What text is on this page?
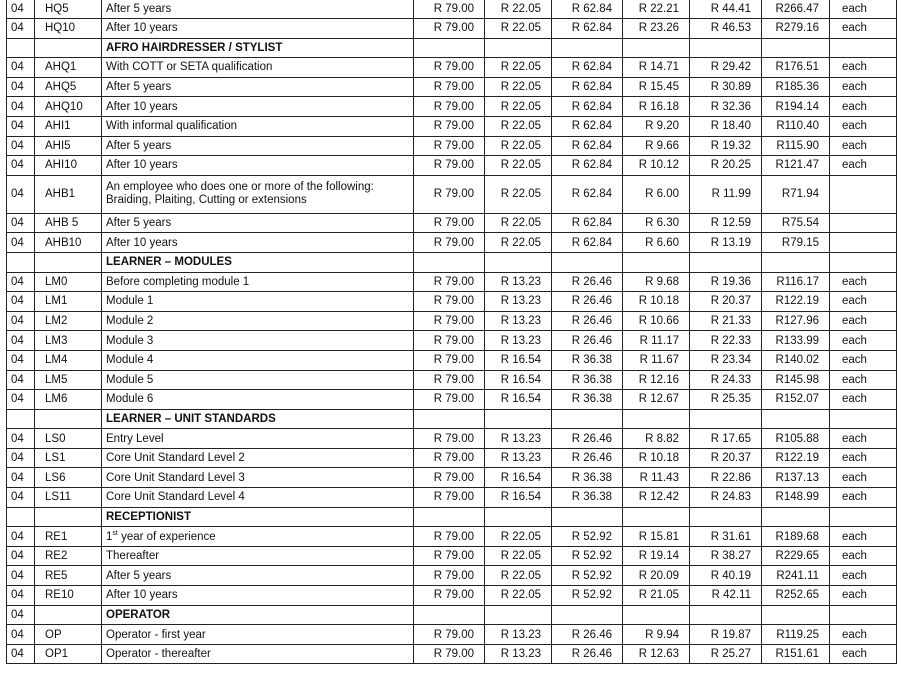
04	HQ5	After 5 years	R 79.00	R 22.05	R 62.84	R 22.21	R 44.41	R266.47	each
04	HQ10	After 10 years	R 79.00	R 22.05	R 62.84	R 23.26	R 46.53	R279.16	each
		AFRO HAIRDRESSER / STYLIST							
04	AHQ1	With COTT or SETA qualification	R 79.00	R 22.05	R 62.84	R 14.71	R 29.42	R176.51	each
04	AHQ5	After 5 years	R 79.00	R 22.05	R 62.84	R 15.45	R 30.89	R185.36	each
04	AHQ10	After 10 years	R 79.00	R 22.05	R 62.84	R 16.18	R 32.36	R194.14	each
04	AHI1	With informal qualification	R 79.00	R 22.05	R 62.84	R 9.20	R 18.40	R110.40	each
04	AHI5	After 5 years	R 79.00	R 22.05	R 62.84	R 9.66	R 19.32	R115.90	each
04	AHI10	After 10 years	R 79.00	R 22.05	R 62.84	R 10.12	R 20.25	R121.47	each
04	AHB1	An employee who does one or more of the following: Braiding, Plaiting, Cutting or extensions	R 79.00	R 22.05	R 62.84	R 6.00	R 11.99	R71.94	
04	AHB 5	After 5 years	R 79.00	R 22.05	R 62.84	R 6.30	R 12.59	R75.54	
04	AHB10	After 10 years	R 79.00	R 22.05	R 62.84	R 6.60	R 13.19	R79.15	
		LEARNER – MODULES							
04	LM0	Before completing module 1	R 79.00	R 13.23	R 26.46	R 9.68	R 19.36	R116.17	each
04	LM1	Module 1	R 79.00	R 13.23	R 26.46	R 10.18	R 20.37	R122.19	each
04	LM2	Module 2	R 79.00	R 13.23	R 26.46	R 10.66	R 21.33	R127.96	each
04	LM3	Module 3	R 79.00	R 13.23	R 26.46	R 11.17	R 22.33	R133.99	each
04	LM4	Module 4	R 79.00	R 16.54	R 36.38	R 11.67	R 23.34	R140.02	each
04	LM5	Module 5	R 79.00	R 16.54	R 36.38	R 12.16	R 24.33	R145.98	each
04	LM6	Module 6	R 79.00	R 16.54	R 36.38	R 12.67	R 25.35	R152.07	each
		LEARNER – UNIT STANDARDS							
04	LS0	Entry Level	R 79.00	R 13.23	R 26.46	R 8.82	R 17.65	R105.88	each
04	LS1	Core Unit Standard Level 2	R 79.00	R 13.23	R 26.46	R 10.18	R 20.37	R122.19	each
04	LS6	Core Unit Standard Level 3	R 79.00	R 16.54	R 36.38	R 11.43	R 22.86	R137.13	each
04	LS11	Core Unit Standard Level 4	R 79.00	R 16.54	R 36.38	R 12.42	R 24.83	R148.99	each
		RECEPTIONIST							
04	RE1	1st year of experience	R 79.00	R 22.05	R 52.92	R 15.81	R 31.61	R189.68	each
04	RE2	Thereafter	R 79.00	R 22.05	R 52.92	R 19.14	R 38.27	R229.65	each
04	RE5	After 5 years	R 79.00	R 22.05	R 52.92	R 20.09	R 40.19	R241.11	each
04	RE10	After 10 years	R 79.00	R 22.05	R 52.92	R 21.05	R 42.11	R252.65	each
04		OPERATOR							
04	OP	Operator - first year	R 79.00	R 13.23	R 26.46	R 9.94	R 19.87	R119.25	each
04	OP1	Operator - thereafter	R 79.00	R 13.23	R 26.46	R 12.63	R 25.27	R151.61	each
